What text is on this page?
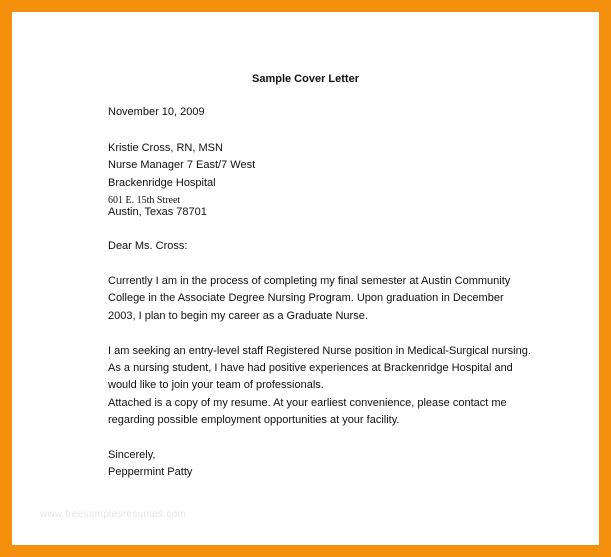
Sample Cover Letter
November 10, 2009
Kristie Cross, RN, MSN
Nurse Manager 7 East/7 West
Brackenridge Hospital
601 E. 15th Street
Austin, Texas 78701
Dear Ms. Cross:
Currently I am in the process of completing my final semester at Austin Community
College in the Associate Degree Nursing Program. Upon graduation in December
2003, I plan to begin my career as a Graduate Nurse.
I am seeking an entry-level staff Registered Nurse position in Medical-Surgical nursing.
As a nursing student, I have had positive experiences at Brackenridge Hospital and
would like to join your team of professionals.
Attached is a copy of my resume. At your earliest convenience, please contact me
regarding possible employment opportunities at your facility.
Sincerely,
Peppermint Patty
www.freesamplesresumes.com
